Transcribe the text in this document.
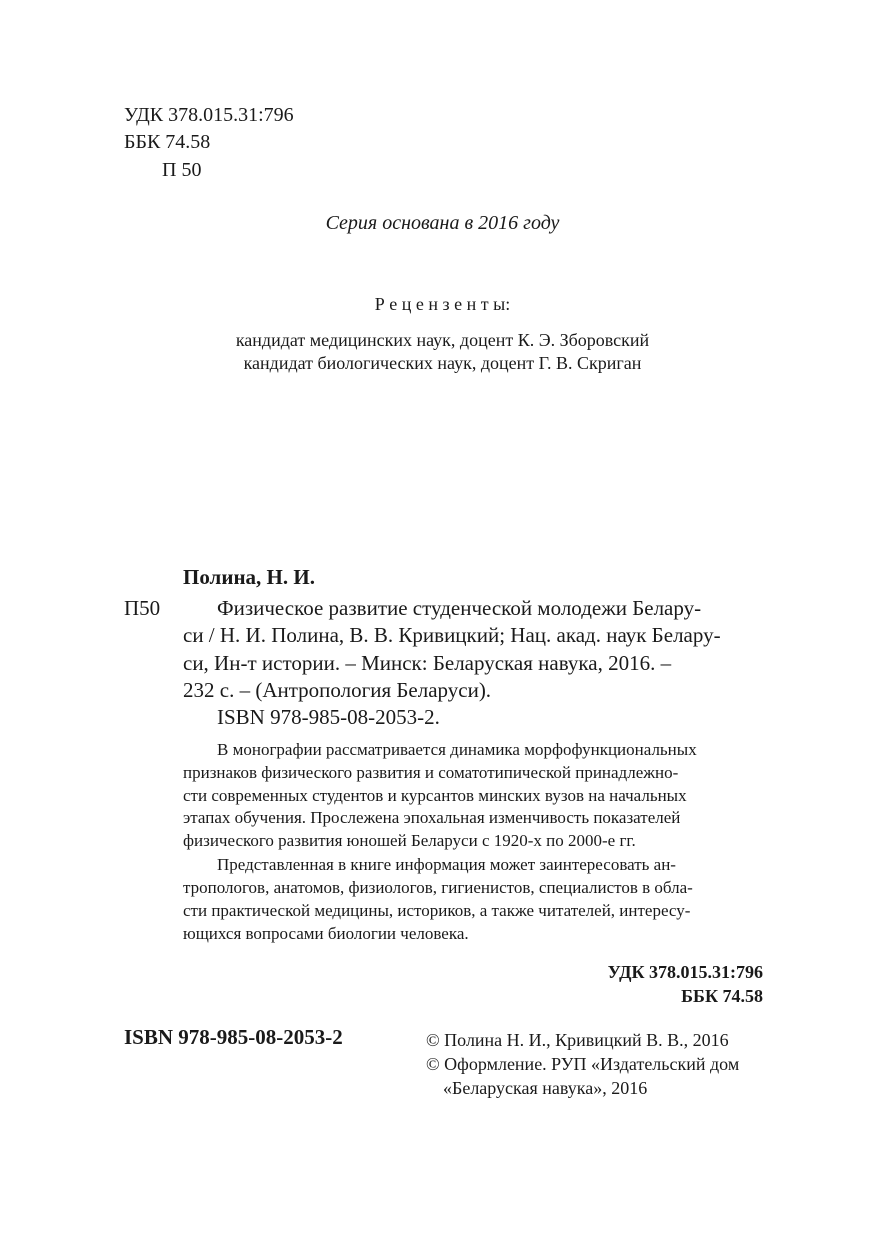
УДК 378.015.31:796
ББК 74.58
П 50
Серия основана в 2016 году
Р е ц е н з е н т ы:
кандидат медицинских наук, доцент К. Э. Зборовский
кандидат биологических наук, доцент Г. В. Скриган
Полина, Н. И.
П50	Физическое развитие студенческой молодежи Белару-
си / Н. И. Полина, В. В. Кривицкий; Нац. акад. наук Белару-
си, Ин-т истории. – Минск: Беларуская навука, 2016. –
232 с. – (Антропология Беларуси).
ISBN 978-985-08-2053-2.
В монографии рассматривается динамика морфофункциональных
признаков физического развития и соматотипической принадлежно-
сти современных студентов и курсантов минских вузов на начальных
этапах обучения. Прослежена эпохальная изменчивость показателей
физического развития юношей Беларуси с 1920-х по 2000-е гг.
Представленная в книге информация может заинтересовать ан-
тропологов, анатомов, физиологов, гигиенистов, специалистов в обла-
сти практической медицины, историков, а также читателей, интересу-
ющихся вопросами биологии человека.
УДК 378.015.31:796
ББК 74.58
ISBN 978-985-08-2053-2	© Полина Н. И., Кривицкий В. В., 2016
© Оформление. РУП «Издательский дом
«Беларуская навука», 2016
